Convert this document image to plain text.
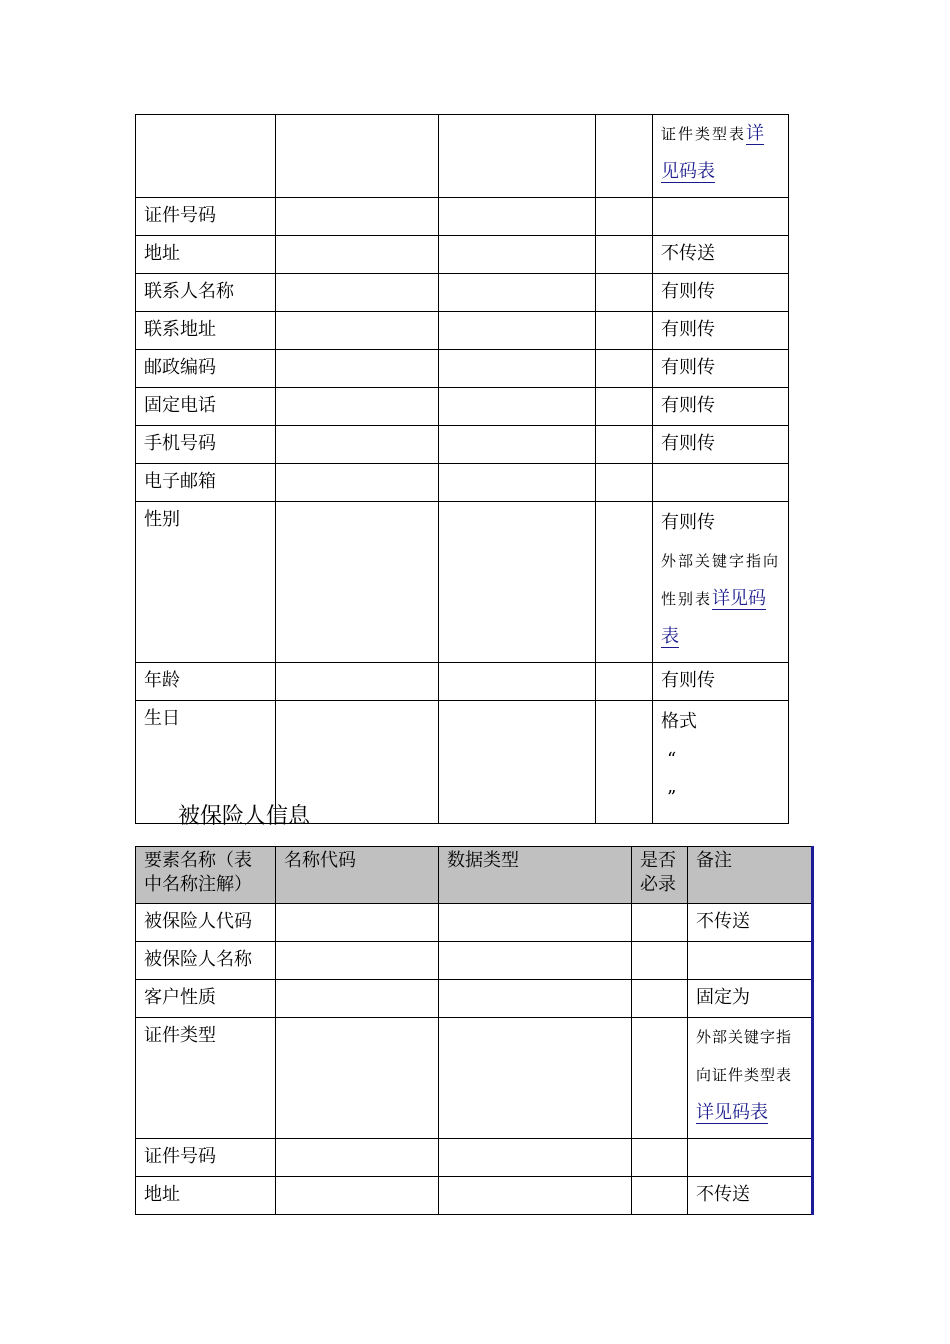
				证件类型表详
见码表
证件号码				
地址				不传送
联系人名称				有则传
联系地址				有则传
邮政编码				有则传
固定电话				有则传
手机号码				有则传
电子邮箱				
性别				有则传
外部关键字指向
性别表详见码
表
年龄				有则传
生日				格式
“
”
被保险人信息
要素名称（表中名称注解）	名称代码	数据类型	是否必录	备注
被保险人代码				不传送
被保险人名称				
客户性质				固定为
证件类型				外部关键字指
向证件类型表
详见码表
证件号码				
地址				不传送
